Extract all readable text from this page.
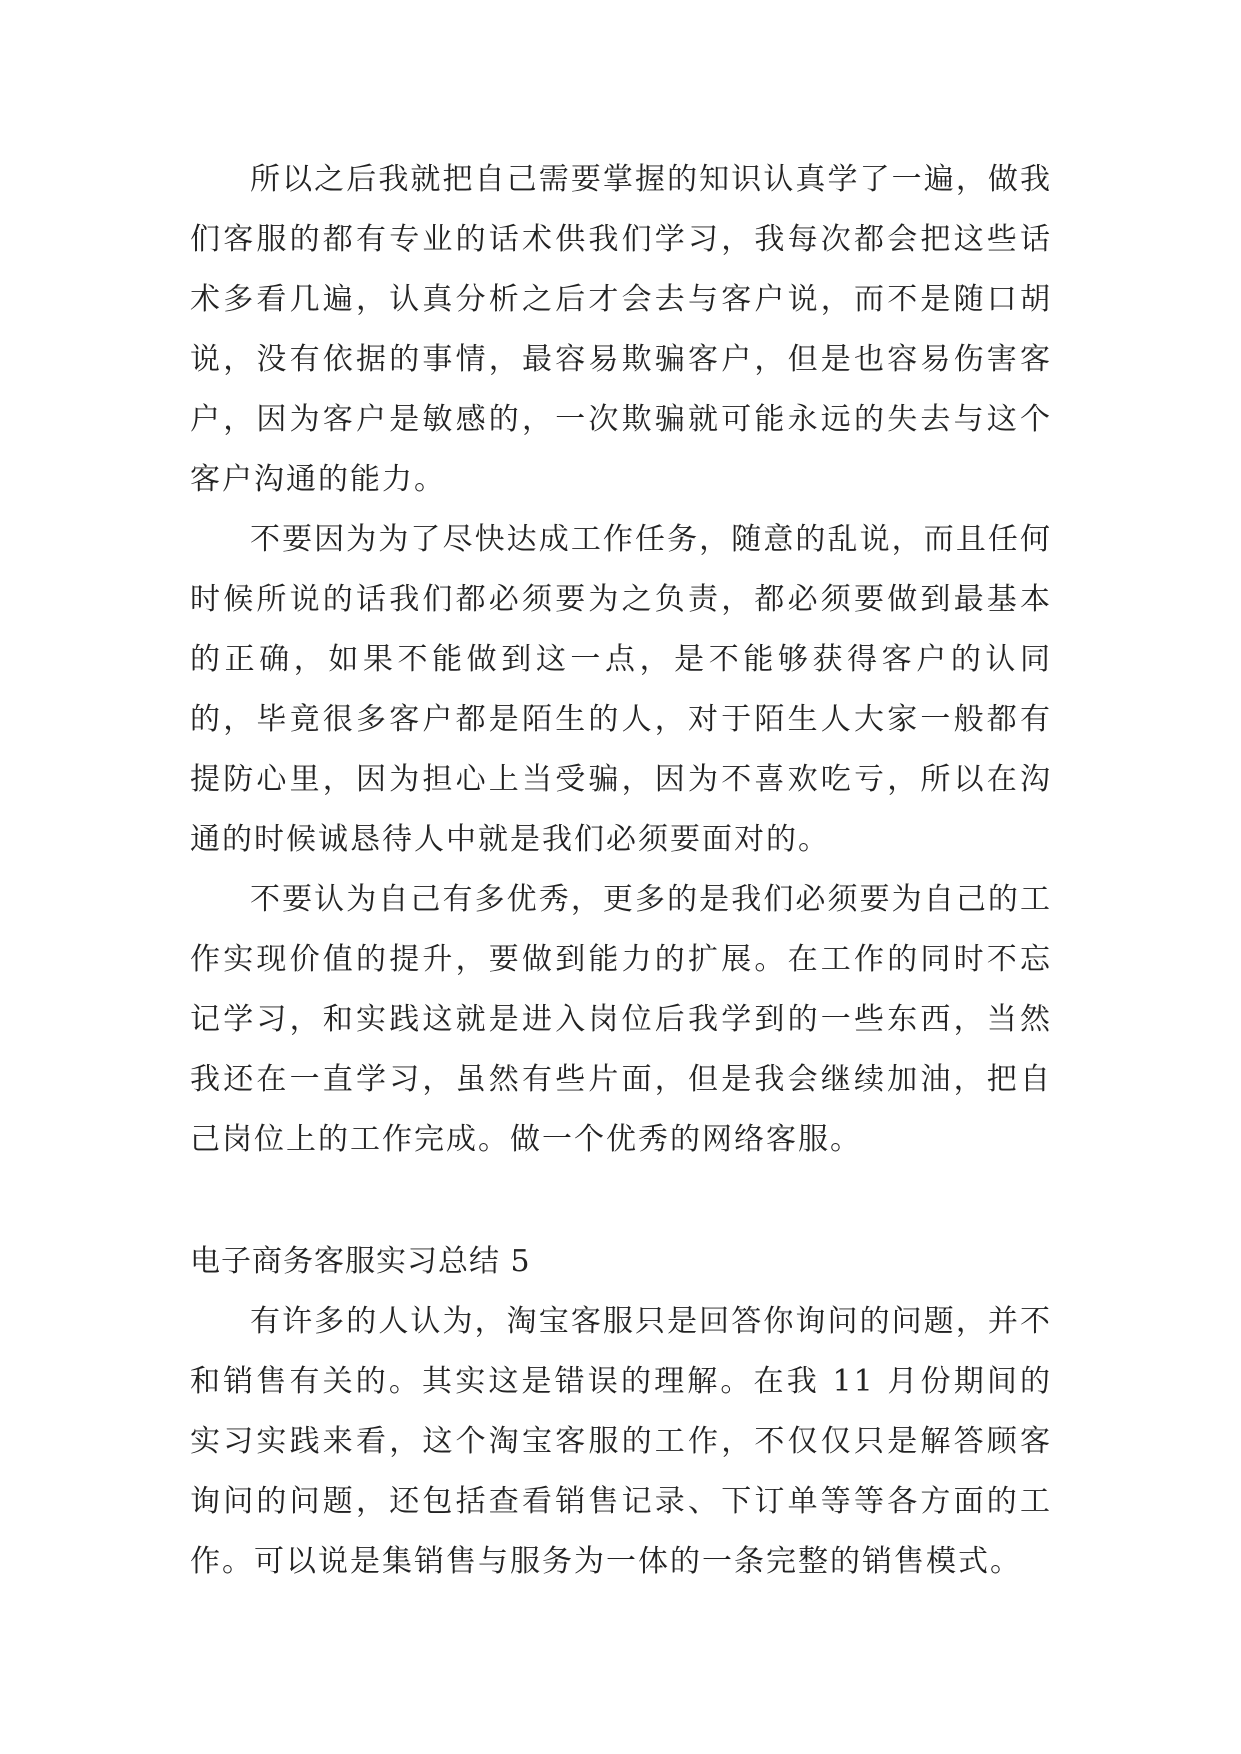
所以之后我就把自己需要掌握的知识认真学了一遍，做我们客服的都有专业的话术供我们学习，我每次都会把这些话术多看几遍，认真分析之后才会去与客户说，而不是随口胡说，没有依据的事情，最容易欺骗客户，但是也容易伤害客户，因为客户是敏感的，一次欺骗就可能永远的失去与这个客户沟通的能力。

不要因为为了尽快达成工作任务，随意的乱说，而且任何时候所说的话我们都必须要为之负责，都必须要做到最基本的正确，如果不能做到这一点，是不能够获得客户的认同的，毕竟很多客户都是陌生的人，对于陌生人大家一般都有提防心里，因为担心上当受骗，因为不喜欢吃亏，所以在沟通的时候诚恳待人中就是我们必须要面对的。

不要认为自己有多优秀，更多的是我们必须要为自己的工作实现价值的提升，要做到能力的扩展。在工作的同时不忘记学习，和实践这就是进入岗位后我学到的一些东西，当然我还在一直学习，虽然有些片面，但是我会继续加油，把自己岗位上的工作完成。做一个优秀的网络客服。

电子商务客服实习总结 5

有许多的人认为，淘宝客服只是回答你询问的问题，并不和销售有关的。其实这是错误的理解。在我 11 月份期间的实习实践来看，这个淘宝客服的工作，不仅仅只是解答顾客询问的问题，还包括查看销售记录、下订单等等各方面的工作。可以说是集销售与服务为一体的一条完整的销售模式。
